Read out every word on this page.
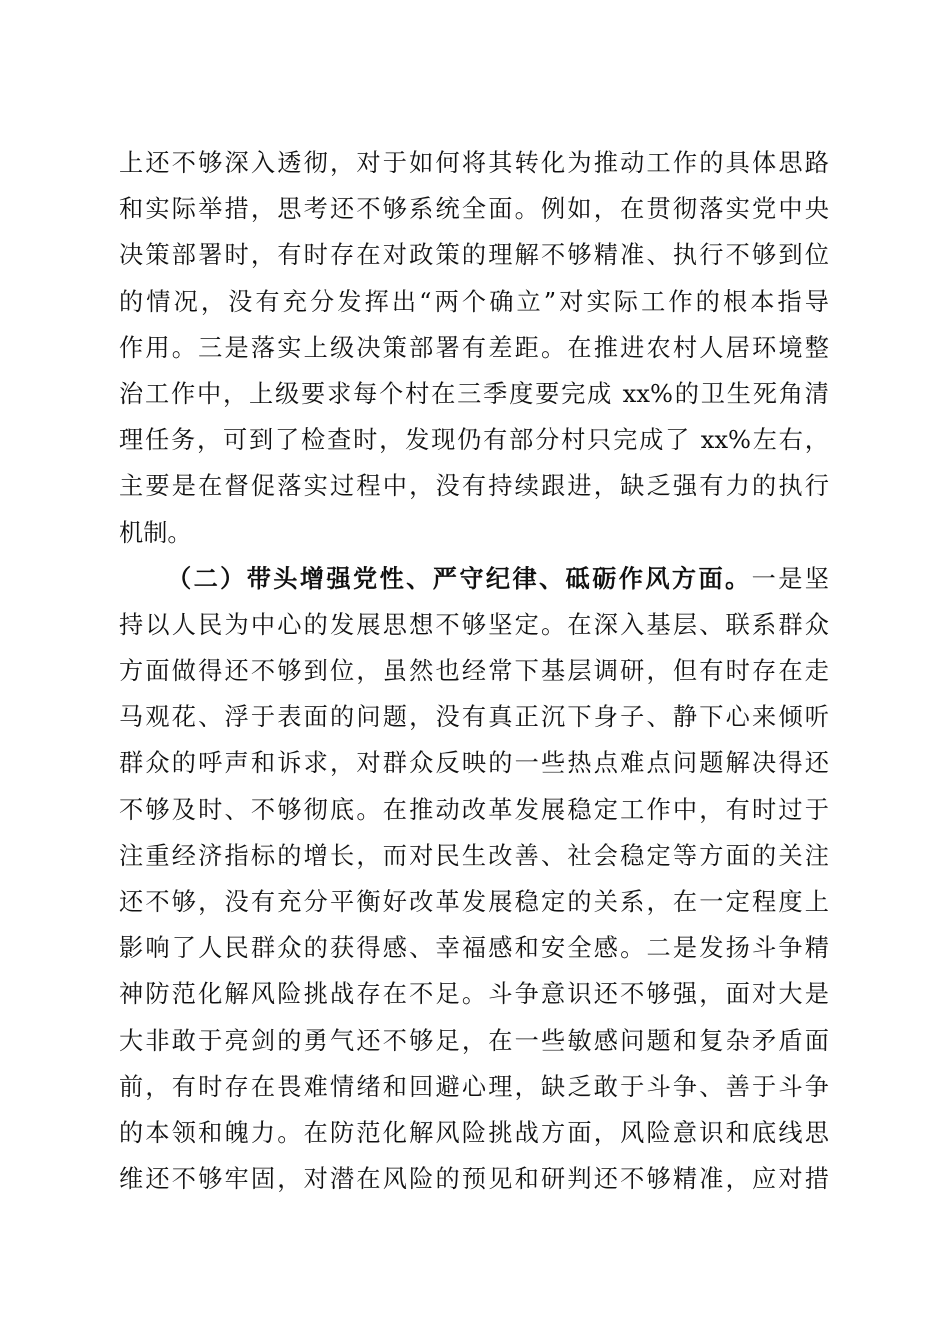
上还不够深入透彻，对于如何将其转化为推动工作的具体思路
和实际举措，思考还不够系统全面。例如，在贯彻落实党中央
决策部署时，有时存在对政策的理解不够精准、执行不够到位
的情况，没有充分发挥出“两个确立”对实际工作的根本指导
作用。三是落实上级决策部署有差距。在推进农村人居环境整
治工作中，上级要求每个村在三季度要完成 xx%的卫生死角清
理任务，可到了检查时，发现仍有部分村只完成了 xx%左右，
主要是在督促落实过程中，没有持续跟进，缺乏强有力的执行
机制。
（二）带头增强党性、严守纪律、砥砺作风方面。一是坚
持以人民为中心的发展思想不够坚定。在深入基层、联系群众
方面做得还不够到位，虽然也经常下基层调研，但有时存在走
马观花、浮于表面的问题，没有真正沉下身子、静下心来倾听
群众的呼声和诉求，对群众反映的一些热点难点问题解决得还
不够及时、不够彻底。在推动改革发展稳定工作中，有时过于
注重经济指标的增长，而对民生改善、社会稳定等方面的关注
还不够，没有充分平衡好改革发展稳定的关系，在一定程度上
影响了人民群众的获得感、幸福感和安全感。二是发扬斗争精
神防范化解风险挑战存在不足。斗争意识还不够强，面对大是
大非敢于亮剑的勇气还不够足，在一些敏感问题和复杂矛盾面
前，有时存在畏难情绪和回避心理，缺乏敢于斗争、善于斗争
的本领和魄力。在防范化解风险挑战方面，风险意识和底线思
维还不够牢固，对潜在风险的预见和研判还不够精准，应对措
